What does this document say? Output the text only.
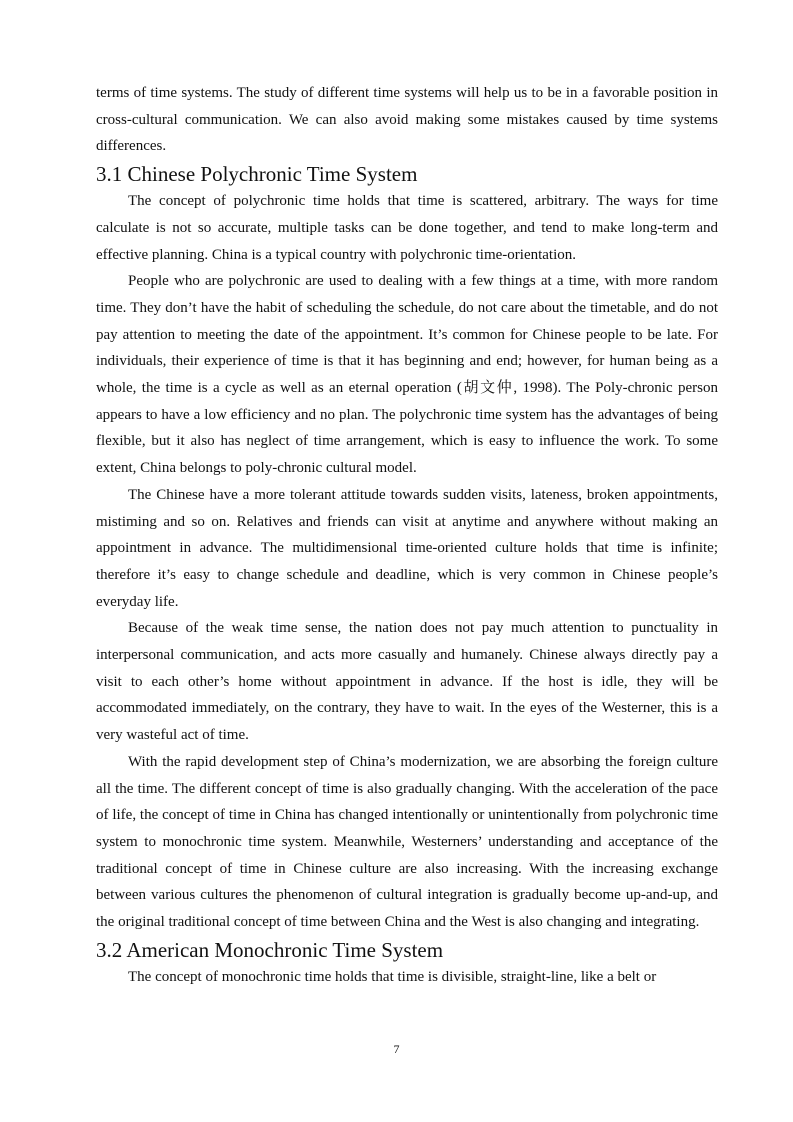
terms of time systems. The study of different time systems will help us to be in a favorable position in cross-cultural communication. We can also avoid making some mistakes caused by time systems differences.

3.1 Chinese Polychronic Time System

The concept of polychronic time holds that time is scattered, arbitrary. The ways for time calculate is not so accurate, multiple tasks can be done together, and tend to make long-term and effective planning. China is a typical country with polychronic time-orientation.

People who are polychronic are used to dealing with a few things at a time, with more random time. They don’t have the habit of scheduling the schedule, do not care about the timetable, and do not pay attention to meeting the date of the appointment. It’s common for Chinese people to be late. For individuals, their experience of time is that it has beginning and end; however, for human being as a whole, the time is a cycle as well as an eternal operation (胡文仲, 1998). The Poly-chronic person appears to have a low efficiency and no plan. The polychronic time system has the advantages of being flexible, but it also has neglect of time arrangement, which is easy to influence the work. To some extent, China belongs to poly-chronic cultural model.

The Chinese have a more tolerant attitude towards sudden visits, lateness, broken appointments, mistiming and so on. Relatives and friends can visit at anytime and anywhere without making an appointment in advance. The multidimensional time-oriented culture holds that time is infinite; therefore it’s easy to change schedule and deadline, which is very common in Chinese people’s everyday life.

Because of the weak time sense, the nation does not pay much attention to punctuality in interpersonal communication, and acts more casually and humanely. Chinese always directly pay a visit to each other’s home without appointment in advance. If the host is idle, they will be accommodated immediately, on the contrary, they have to wait. In the eyes of the Westerner, this is a very wasteful act of time.

With the rapid development step of China’s modernization, we are absorbing the foreign culture all the time. The different concept of time is also gradually changing. With the acceleration of the pace of life, the concept of time in China has changed intentionally or unintentionally from polychronic time system to monochronic time system. Meanwhile, Westerners’ understanding and acceptance of the traditional concept of time in Chinese culture are also increasing. With the increasing exchange between various cultures the phenomenon of cultural integration is gradually become up-and-up, and the original traditional concept of time between China and the West is also changing and integrating.

3.2 American Monochronic Time System

The concept of monochronic time holds that time is divisible, straight-line, like a belt or

7
